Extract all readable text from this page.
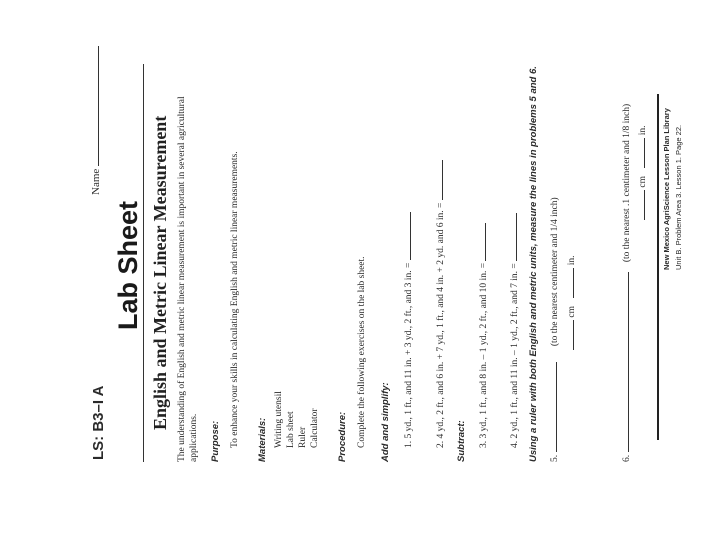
LS: B3–I A
Name
Lab Sheet English and Metric Linear Measurement The understanding of English and metric linear measurement is important in several agricultural applications. Purpose: To enhance your skills in calculating English and metric linear measurements. Materials: Writing utensil Lab sheet Ruler Calculator Procedure: Complete the following exercises on the lab sheet. Add and simplify:	1. 5 yd., 1 ft., and 11 in. + 3 yd., 2 ft., and 3 in. =
2. 4 yd., 2 ft., and 6 in. + 7 yd., 1 ft., and 4 in. + 2 yd. and 6 in. =
Subtract:	3. 3 yd., 1 ft., and 8 in. – 1 yd., 2 ft., and 10 in. =
4. 2 yd., 1 ft., and 11 in. – 1 yd., 2 ft., and 7 in. = Using a ruler with both English and metric units, measure the lines in problems 5 and 6.	5.  (to the nearest centimeter and 1/4 inch) cm  in.
6.  (to the nearest .1 centimeter and 1/8 inch) cm  in. New Mexico AgriScience Lesson Plan Library Unit B. Problem Area 3. Lesson 1. Page 22.
